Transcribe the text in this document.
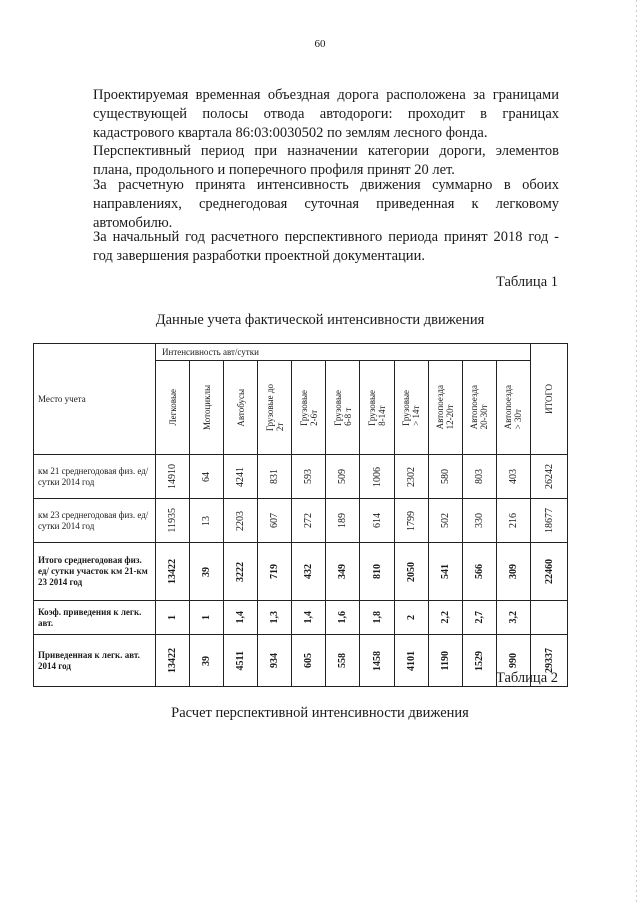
60
Проектируемая временная объездная дорога расположена за границами существующей полосы отвода автодороги: проходит в границах кадастрового квартала 86:03:0030502 по землям лесного фонда.
Перспективный период при назначении категории дороги, элементов плана, продольного и поперечного профиля принят 20 лет.
За расчетную принята интенсивность движения суммарно в обоих направлениях, среднегодовая суточная приведенная к легковому автомобилю.
За начальный год расчетного перспективного периода принят 2018 год - год завершения разработки проектной документации.
Таблица 1
Данные учета фактической интенсивности движения
Место учета	Интенсивность авт/сутки											ИТОГО

	Легковые	Мотоциклы	Автобусы	Грузовые до
2т	Грузовые
2-6т	Грузовые
6-8 т	Грузовые
8-14т	Грузовые
> 14т	Автопоезда
12-20т	Автопоезда
20-30т	Автопоезда
> 30т	

км 21 среднегодовая физ. ед/сутки 2014 год	14910	64	4241	831	593	509	1006	2302	580	803	403	26242

км 23 среднегодовая физ. ед/сутки 2014 год	11935	13	2203	607	272	189	614	1799	502	330	216	18677

Итого среднегодовая физ. ед/ сутки участок км 21-км 23 2014 год	13422	39	3222	719	432	349	810	2050	541	566	309	22460

Коэф. приведения к легк. авт.	1	1	1,4	1,3	1,4	1,6	1,8	2	2,2	2,7	3,2	

Приведенная к легк. авт. 2014 год	13422	39	4511	934	605	558	1458	4101	1190	1529	990	29337
Таблица 2
Расчет перспективной интенсивности движения
